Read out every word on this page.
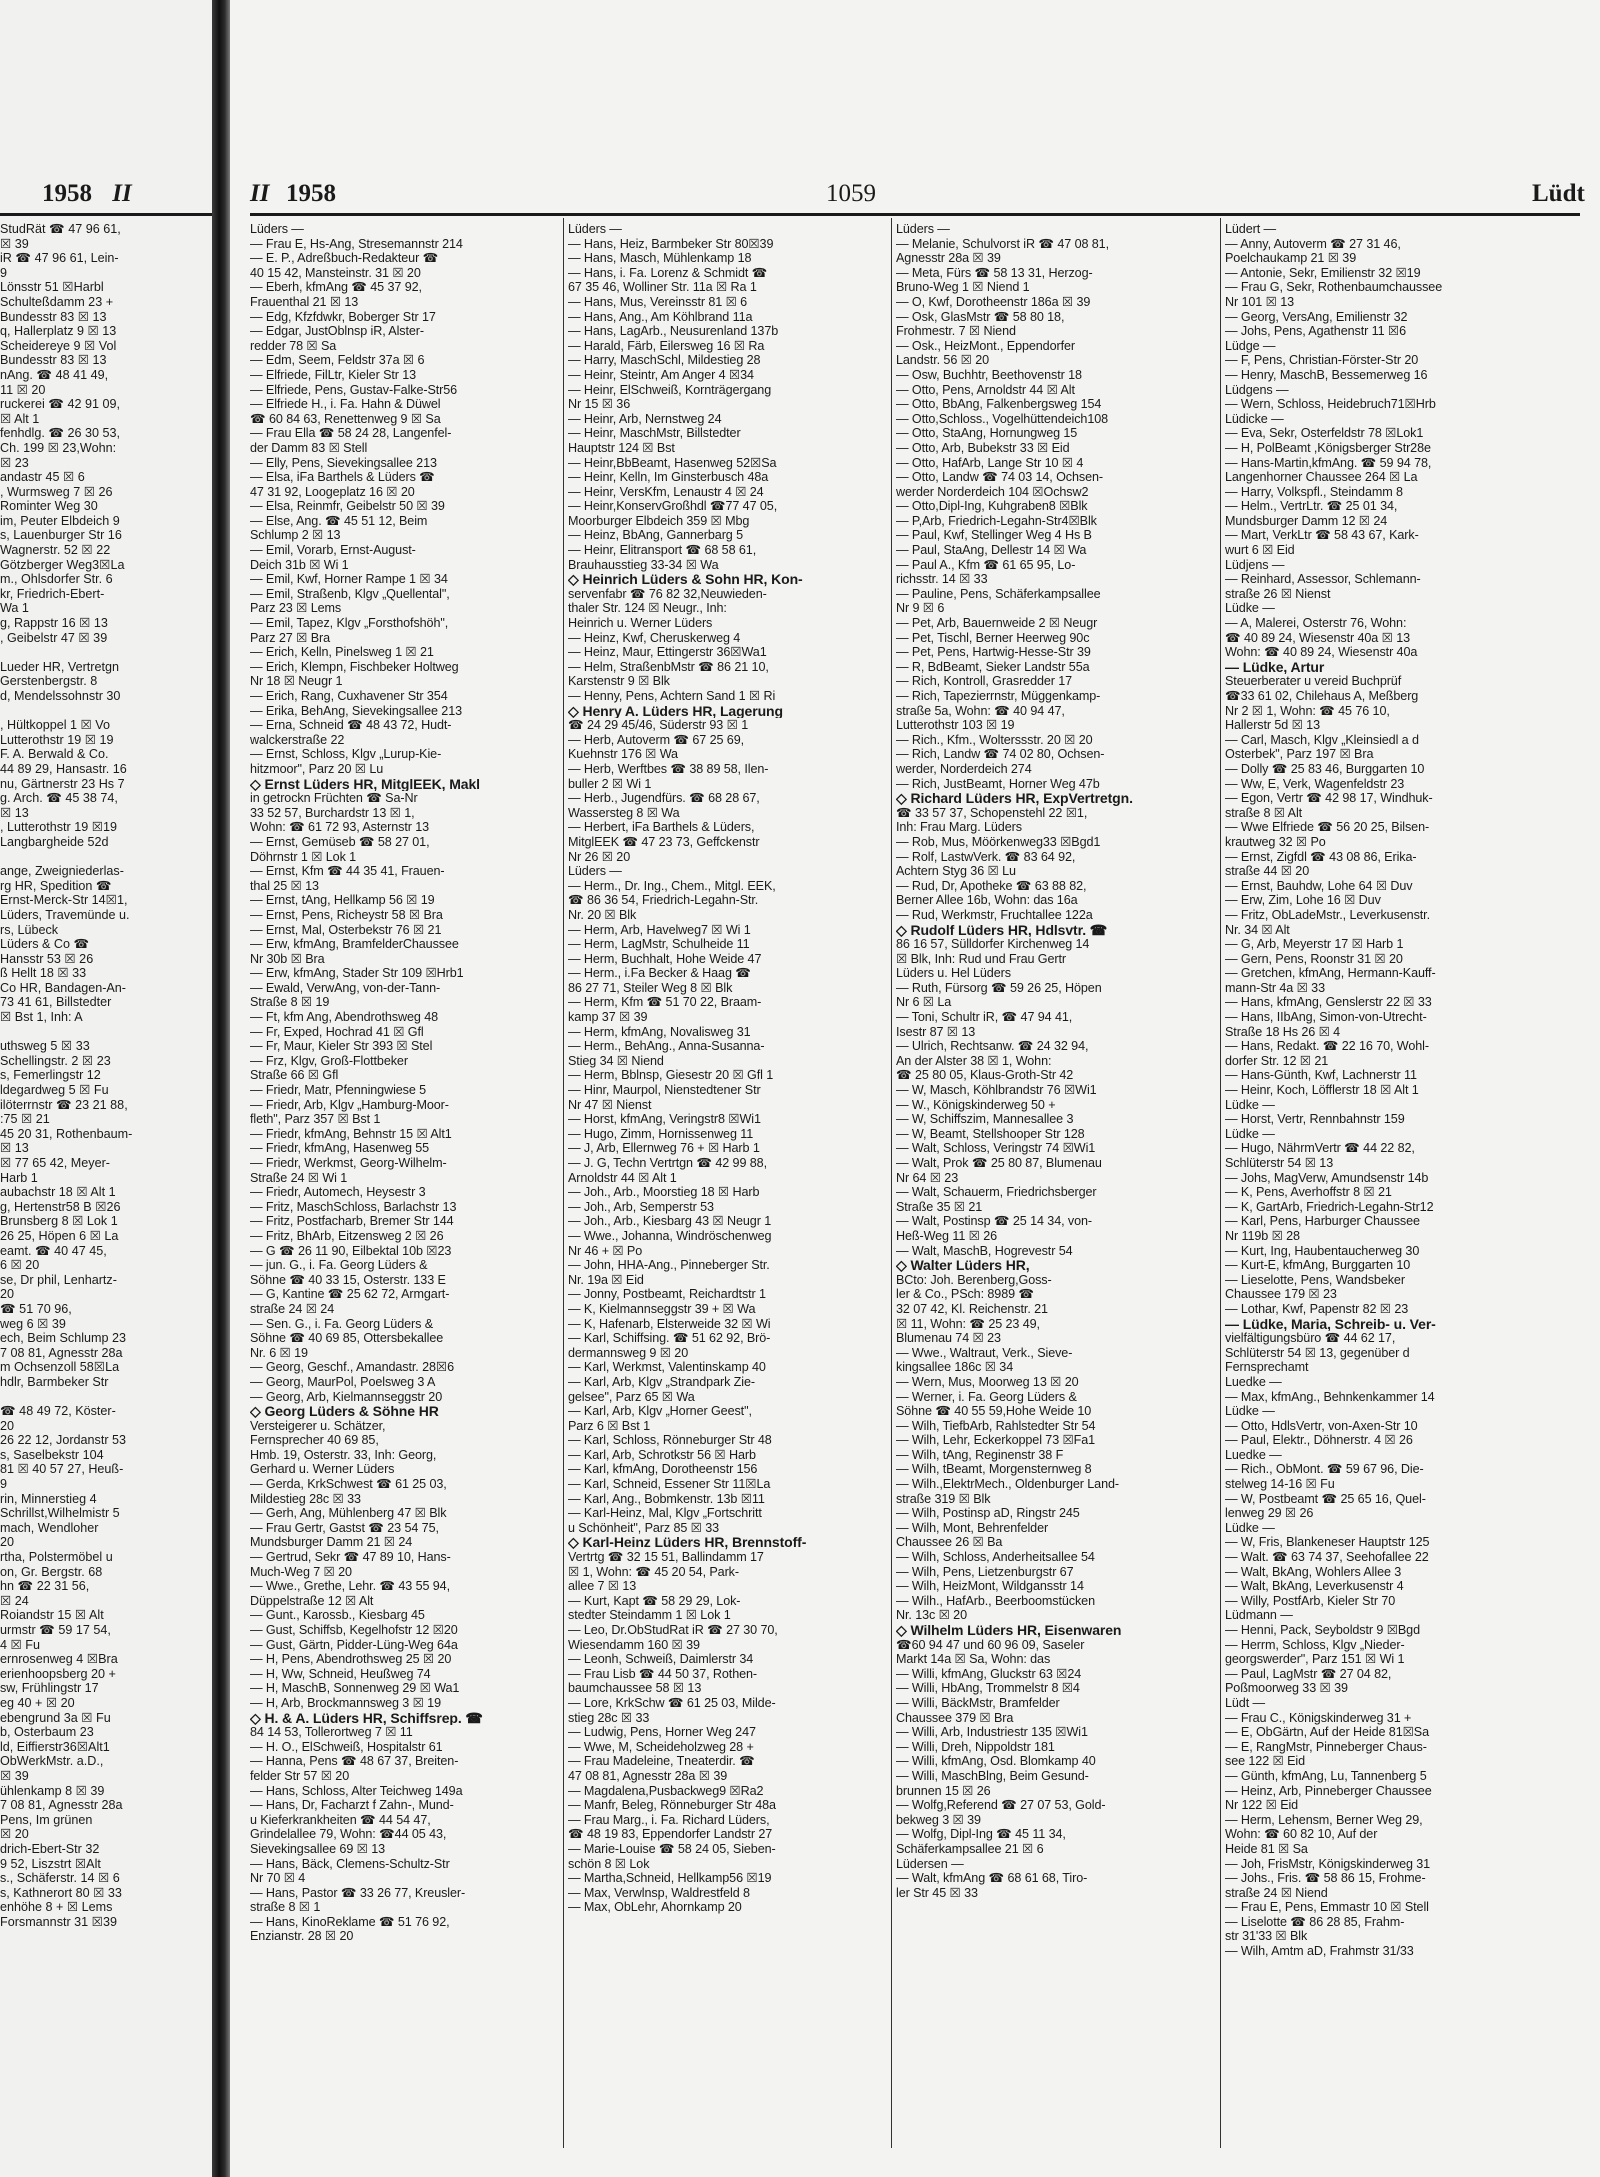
1958 II
StudRät ☎ 47 96 61,
☒ 39
iR ☎ 47 96 61, Lein-
9
Lönsstr 51 ☒Harbl
Schulteßdamm 23 +
Bundesstr 83 ☒ 13
q, Hallerplatz 9 ☒ 13
Scheidereye 9 ☒ Vol
Bundesstr 83 ☒ 13
nAng. ☎ 48 41 49,
11 ☒ 20
ruckerei ☎ 42 91 09,
☒ Alt 1
fenhdlg. ☎ 26 30 53,
Ch. 199 ☒ 23,Wohn:
☒ 23
andastr 45 ☒ 6
, Wurmsweg 7 ☒ 26
Rominter Weg 30
im, Peuter Elbdeich 9
s, Lauenburger Str 16
Wagnerstr. 52 ☒ 22
Götzberger Weg3☒La
m., Ohlsdorfer Str. 6
kr, Friedrich-Ebert-
Wa 1
g, Rappstr 16 ☒ 13
, Geibelstr 47 ☒ 39
Lueder HR, Vertretgn
Gerstenbergstr. 8
d, Mendelssohnstr 30
, Hültkoppel 1 ☒ Vo
Lutterothstr 19 ☒ 19
F. A. Berwald & Co.
44 89 29, Hansastr. 16
nu, Gärtnerstr 23 Hs 7
g. Arch. ☎ 45 38 74,
☒ 13
, Lutterothstr 19 ☒19
Langbargheide 52d
ange, Zweigniederlas-
rg HR, Spedition ☎
Ernst-Merck-Str 14☒1,
Lüders, Travemünde u.
rs, Lübeck
Lüders & Co ☎
Hansstr 53 ☒ 26
ß Hellt 18 ☒ 33
Co HR, Bandagen-An-
73 41 61, Billstedter
☒ Bst 1, Inh: A
uthsweg 5 ☒ 33
Schellingstr. 2 ☒ 23
s, Femerlingstr 12
ldegardweg 5 ☒ Fu
ilöterrnstr ☎ 23 21 88,
:75 ☒ 21
45 20 31, Rothenbaum-
☒ 13
☒ 77 65 42, Meyer-
Harb 1
aubachstr 18 ☒ Alt 1
g, Hertenstr58 B ☒26
Brunsberg 8 ☒ Lok 1
26 25, Höpen 6 ☒ La
eamt. ☎ 40 47 45,
6 ☒ 20
se, Dr phil, Lenhartz-
20
☎ 51 70 96,
weg 6 ☒ 39
ech, Beim Schlump 23
7 08 81, Agnesstr 28a
m Ochsenzoll 58☒La
hdlr, Barmbeker Str
☎ 48 49 72, Köster-
20
26 22 12, Jordanstr 53
s, Saselbekstr 104
81 ☒ 40 57 27, Heuß-
9
rin, Minnerstieg 4
Schrillst,Wilhelmistr 5
mach, Wendloher
20
rtha, Polstermöbel u
on, Gr. Bergstr. 68
hn ☎ 22 31 56,
☒ 24
Roiandstr 15 ☒ Alt
urmstr ☎ 59 17 54,
4 ☒ Fu
ernrosenweg 4 ☒Bra
erienhoopsberg 20 +
sw, Frühlingstr 17
eg 40 + ☒ 20
ebengrund 3a ☒ Fu
b, Osterbaum 23
ld, Eiffierstr36☒Alt1
ObWerkMstr. a.D.,
☒ 39
ühlenkamp 8 ☒ 39
7 08 81, Agnesstr 28a
Pens, Im grünen
☒ 20
drich-Ebert-Str 32
9 52, Liszstrt ☒Alt
s., Schäferstr. 14 ☒ 6
s, Kathnerort 80 ☒ 33
enhöhe 8 + ☒ Lems
Forsmannstr 31 ☒39
II 1958	1059	Lüdt
Lüders —
— Frau E, Hs-Ang, Stresemannstr 214
— E. P., Adreßbuch-Redakteur ☎
40 15 42, Mansteinstr. 31 ☒ 20
— Eberh, kfmAng ☎ 45 37 92,
Frauenthal 21 ☒ 13
— Edg, Kfzfdwkr, Boberger Str 17
— Edgar, JustOblnsp iR, Alster-
redder 78 ☒ Sa
— Edm, Seem, Feldstr 37a ☒ 6
— Elfriede, FilLtr, Kieler Str 13
— Elfriede, Pens, Gustav-Falke-Str56
— Elfriede H., i. Fa. Hahn & Düwel
☎ 60 84 63, Renettenweg 9 ☒ Sa
— Frau Ella ☎ 58 24 28, Langenfel-
der Damm 83 ☒ Stell
— Elly, Pens, Sievekingsallee 213
— Elsa, iFa Barthels & Lüders ☎
47 31 92, Loogeplatz 16 ☒ 20
— Elsa, Reinmfr, Geibelstr 50 ☒ 39
— Else, Ang. ☎ 45 51 12, Beim
Schlump 2 ☒ 13
— Emil, Vorarb, Ernst-August-
Deich 31b ☒ Wi 1
— Emil, Kwf, Horner Rampe 1 ☒ 34
— Emil, Straßenb, Klgv „Quellental",
Parz 23 ☒ Lems
— Emil, Tapez, Klgv „Forsthofshöh",
Parz 27 ☒ Bra
— Erich, Kelln, Pinelsweg 1 ☒ 21
— Erich, Klempn, Fischbeker Holtweg
Nr 18 ☒ Neugr 1
— Erich, Rang, Cuxhavener Str 354
— Erika, BehAng, Sievekingsallee 213
— Erna, Schneid ☎ 48 43 72, Hudt-
walckerstraße 22
— Ernst, Schloss, Klgv „Lurup-Kie-
hitzmoor", Parz 20 ☒ Lu
◇ Ernst Lüders HR, MitglEEK, Makl
in getrockn Früchten ☎ Sa-Nr
33 52 57, Burchardstr 13 ☒ 1,
Wohn: ☎ 61 72 93, Asternstr 13
— Ernst, Gemüseb ☎ 58 27 01,
Döhrnstr 1 ☒ Lok 1
— Ernst, Kfm ☎ 44 35 41, Frauen-
thal 25 ☒ 13
— Ernst, tAng, Hellkamp 56 ☒ 19
— Ernst, Pens, Richeystr 58 ☒ Bra
— Ernst, Mal, Osterbekstr 76 ☒ 21
— Erw, kfmAng, BramfelderChaussee
Nr 30b ☒ Bra
— Erw, kfmAng, Stader Str 109 ☒Hrb1
— Ewald, VerwAng, von-der-Tann-
Straße 8 ☒ 19
— Ft, kfm Ang, Abendrothsweg 48
— Fr, Exped, Hochrad 41 ☒ Gfl
— Fr, Maur, Kieler Str 393 ☒ Stel
— Frz, Klgv, Groß-Flottbeker
Straße 66 ☒ Gfl
— Friedr, Matr, Pfenningwiese 5
— Friedr, Arb, Klgv „Hamburg-Moor-
fleth", Parz 357 ☒ Bst 1
— Friedr, kfmAng, Behnstr 15 ☒ Alt1
— Friedr, kfmAng, Hasenweg 55
— Friedr, Werkmst, Georg-Wilhelm-
Straße 24 ☒ Wi 1
— Friedr, Automech, Heysestr 3
— Fritz, MaschSchloss, Barlachstr 13
— Fritz, Postfacharb, Bremer Str 144
— Fritz, BhArb, Eitzensweg 2 ☒ 26
— G ☎ 26 11 90, Eilbektal 10b ☒23
— jun. G., i. Fa. Georg Lüders &
Söhne ☎ 40 33 15, Osterstr. 133 E
— G, Kantine ☎ 25 62 72, Armgart-
straße 24 ☒ 24
— Sen. G., i. Fa. Georg Lüders &
Söhne ☎ 40 69 85, Ottersbekallee
Nr. 6 ☒ 19
— Georg, Geschf., Amandastr. 28☒6
— Georg, MaurPol, Poelsweg 3 A
— Georg, Arb, Kielmannseggstr 20
◇ Georg Lüders & Söhne HR
Versteigerer u. Schätzer,
Fernsprecher 40 69 85,
Hmb. 19, Osterstr. 33, Inh: Georg,
Gerhard u. Werner Lüders
— Gerda, KrkSchwest ☎ 61 25 03,
Mildestieg 28c ☒ 33
— Gerh, Ang, Mühlenberg 47 ☒ Blk
— Frau Gertr, Gastst ☎ 23 54 75,
Mundsburger Damm 21 ☒ 24
— Gertrud, Sekr ☎ 47 89 10, Hans-
Much-Weg 7 ☒ 20
— Wwe., Grethe, Lehr. ☎ 43 55 94,
Düppelstraße 12 ☒ Alt
— Gunt., Karossb., Kiesbarg 45
— Gust, Schiffsb, Kegelhofstr 12 ☒20
— Gust, Gärtn, Pidder-Lüng-Weg 64a
— H, Pens, Abendrothsweg 25 ☒ 20
— H, Ww, Schneid, Heußweg 74
— H, MaschB, Sonnenweg 29 ☒ Wa1
— H, Arb, Brockmannsweg 3 ☒ 19
◇ H. & A. Lüders HR, Schiffsrep. ☎
84 14 53, Tollerortweg 7 ☒ 11
— H. O., ElSchweiß, Hospitalstr 61
— Hanna, Pens ☎ 48 67 37, Breiten-
felder Str 57 ☒ 20
— Hans, Schloss, Alter Teichweg 149a
— Hans, Dr, Facharzt f Zahn-, Mund-
u Kieferkrankheiten ☎ 44 54 47,
Grindelallee 79, Wohn: ☎44 05 43,
Sievekingsallee 69 ☒ 13
— Hans, Bäck, Clemens-Schultz-Str
Nr 70 ☒ 4
— Hans, Pastor ☎ 33 26 77, Kreusler-
straße 8 ☒ 1
— Hans, KinoReklame ☎ 51 76 92,
Enzianstr. 28 ☒ 20
Lüders —
— Hans, Heiz, Barmbeker Str 80☒39
— Hans, Masch, Mühlenkamp 18
— Hans, i. Fa. Lorenz & Schmidt ☎
67 35 46, Wolliner Str. 11a ☒ Ra 1
— Hans, Mus, Vereinsstr 81 ☒ 6
— Hans, Ang., Am Köhlbrand 11a
— Hans, LagArb., Neusurenland 137b
— Harald, Färb, Eilersweg 16 ☒ Ra
— Harry, MaschSchl, Mildestieg 28
— Heinr, Steintr, Am Anger 4 ☒34
— Heinr, ElSchweiß, Kornträgergang
Nr 15 ☒ 36
— Heinr, Arb, Nernstweg 24
— Heinr, MaschMstr, Billstedter
Hauptstr 124 ☒ Bst
— Heinr,BbBeamt, Hasenweg 52☒Sa
— Heinr, Kelln, Im Ginsterbusch 48a
— Heinr, VersKfm, Lenaustr 4 ☒ 24
— Heinr,KonservGroßhdl ☎77 47 05,
Moorburger Elbdeich 359 ☒ Mbg
— Heinz, BbAng, Gannerbarg 5
— Heinr, Elitransport ☎ 68 58 61,
Brauhausstieg 33-34 ☒ Wa
◇ Heinrich Lüders & Sohn HR, Kon-
servenfabr ☎ 76 82 32,Neuwieden-
thaler Str. 124 ☒ Neugr., Inh:
Heinrich u. Werner Lüders
— Heinz, Kwf, Cheruskerweg 4
— Heinz, Maur, Ettingerstr 36☒Wa1
— Helm, StraßenbMstr ☎ 86 21 10,
Karstenstr 9 ☒ Blk
— Henny, Pens, Achtern Sand 1 ☒ Ri
◇ Henry A. Lüders HR, Lagerung
☎ 24 29 45/46, Süderstr 93 ☒ 1
— Herb, Autoverm ☎ 67 25 69,
Kuehnstr 176 ☒ Wa
— Herb, Werftbes ☎ 38 89 58, Ilen-
buller 2 ☒ Wi 1
— Herb., Jugendfürs. ☎ 68 28 67,
Wassersteg 8 ☒ Wa
— Herbert, iFa Barthels & Lüders,
MitglEEK ☎ 47 23 73, Geffckenstr
Nr 26 ☒ 20
Lüders —
— Herm., Dr. Ing., Chem., Mitgl. EEK,
☎ 86 36 54, Friedrich-Legahn-Str.
Nr. 20 ☒ Blk
— Herm, Arb, Havelweg7 ☒ Wi 1
— Herm, LagMstr, Schulheide 11
— Herm, Buchhalt, Hohe Weide 47
— Herm., i.Fa Becker & Haag ☎
86 27 71, Steiler Weg 8 ☒ Blk
— Herm, Kfm ☎ 51 70 22, Braam-
kamp 37 ☒ 39
— Herm, kfmAng, Novalisweg 31
— Herm., BehAng., Anna-Susanna-
Stieg 34 ☒ Niend
— Herm, Bblnsp, Giesestr 20 ☒ Gfl 1
— Hinr, Maurpol, Nienstedtener Str
Nr 47 ☒ Nienst
— Horst, kfmAng, Veringstr8 ☒Wi1
— Hugo, Zimm, Hornissenweg 11
— J, Arb, Ellernweg 76 + ☒ Harb 1
— J. G, Techn Vertrtgn ☎ 42 99 88,
Arnoldstr 44 ☒ Alt 1
— Joh., Arb., Moorstieg 18 ☒ Harb
— Joh., Arb, Semperstr 53
— Joh., Arb., Kiesbarg 43 ☒ Neugr 1
— Wwe., Johanna, Windröschenweg
Nr 46 + ☒ Po
— John, HHA-Ang., Pinneberger Str.
Nr. 19a ☒ Eid
— Jonny, Postbeamt, Reichardtstr 1
— K, Kielmannseggstr 39 + ☒ Wa
— K, Hafenarb, Elsterweide 32 ☒ Wi
— Karl, Schiffsing. ☎ 51 62 92, Brö-
dermannsweg 9 ☒ 20
— Karl, Werkmst, Valentinskamp 40
— Karl, Arb, Klgv „Strandpark Zie-
gelsee", Parz 65 ☒ Wa
— Karl, Arb, Klgv „Horner Geest",
Parz 6 ☒ Bst 1
— Karl, Schloss, Rönneburger Str 48
— Karl, Arb, Schrotkstr 56 ☒ Harb
— Karl, kfmAng, Dorotheenstr 156
— Karl, Schneid, Essener Str 11☒La
— Karl, Ang., Bobmkenstr. 13b ☒11
— Karl-Heinz, Mal, Klgv „Fortschritt
u Schönheit", Parz 85 ☒ 33
◇ Karl-Heinz Lüders HR, Brennstoff-
Vertrtg ☎ 32 15 51, Ballindamm 17
☒ 1, Wohn: ☎ 45 20 54, Park-
allee 7 ☒ 13
— Kurt, Kapt ☎ 58 29 29, Lok-
stedter Steindamm 1 ☒ Lok 1
— Leo, Dr.ObStudRat iR ☎ 27 30 70,
Wiesendamm 160 ☒ 39
— Leonh, Schweiß, Daimlerstr 34
— Frau Lisb ☎ 44 50 37, Rothen-
baumchaussee 58 ☒ 13
— Lore, KrkSchw ☎ 61 25 03, Milde-
stieg 28c ☒ 33
— Ludwig, Pens, Horner Weg 247
— Wwe, M, Scheideholzweg 28 +
— Frau Madeleine, Tneaterdir. ☎
47 08 81, Agnesstr 28a ☒ 39
— Magdalena,Pusbackweg9 ☒Ra2
— Manfr, Beleg, Rönneburger Str 48a
— Frau Marg., i. Fa. Richard Lüders,
☎ 48 19 83, Eppendorfer Landstr 27
— Marie-Louise ☎ 58 24 05, Sieben-
schön 8 ☒ Lok
— Martha,Schneid, Hellkamp56 ☒19
— Max, Verwlnsp, Waldrestfeld 8
— Max, ObLehr, Ahornkamp 20
Lüders —
— Melanie, Schulvorst iR ☎ 47 08 81,
Agnesstr 28a ☒ 39
— Meta, Fürs ☎ 58 13 31, Herzog-
Bruno-Weg 1 ☒ Niend 1
— O, Kwf, Dorotheenstr 186a ☒ 39
— Osk, GlasMstr ☎ 58 80 18,
Frohmestr. 7 ☒ Niend
— Osk., HeizMont., Eppendorfer
Landstr. 56 ☒ 20
— Osw, Buchhtr, Beethovenstr 18
— Otto, Pens, Arnoldstr 44 ☒ Alt
— Otto, BbAng, Falkenbergsweg 154
— Otto,Schloss., Vogelhüttendeich108
— Otto, StaAng, Hornungweg 15
— Otto, Arb, Bubekstr 33 ☒ Eid
— Otto, HafArb, Lange Str 10 ☒ 4
— Otto, Landw ☎ 74 03 14, Ochsen-
werder Norderdeich 104 ☒Ochsw2
— Otto,Dipl-Ing, Kuhgraben8 ☒Blk
— P,Arb, Friedrich-Legahn-Str4☒Blk
— Paul, Kwf, Stellinger Weg 4 Hs B
— Paul, StaAng, Dellestr 14 ☒ Wa
— Paul A., Kfm ☎ 61 65 95, Lo-
richsstr. 14 ☒ 33
— Pauline, Pens, Schäferkampsallee
Nr 9 ☒ 6
— Pet, Arb, Bauernweide 2 ☒ Neugr
— Pet, Tischl, Berner Heerweg 90c
— Pet, Pens, Hartwig-Hesse-Str 39
— R, BdBeamt, Sieker Landstr 55a
— Rich, Kontroll, Grasredder 17
— Rich, Tapezierrnstr, Müggenkamp-
straße 5a, Wohn: ☎ 40 94 47,
Lutterothstr 103 ☒ 19
— Rich., Kfm., Wolterssstr. 20 ☒ 20
— Rich, Landw ☎ 74 02 80, Ochsen-
werder, Norderdeich 274
— Rich, JustBeamt, Horner Weg 47b
◇ Richard Lüders HR, ExpVertretgn.
☎ 33 57 37, Schopenstehl 22 ☒1,
Inh: Frau Marg. Lüders
— Rob, Mus, Möörkenweg33 ☒Bgd1
— Rolf, LastwVerk. ☎ 83 64 92,
Achtern Styg 36 ☒ Lu
— Rud, Dr, Apotheke ☎ 63 88 82,
Berner Allee 16b, Wohn: das 16a
— Rud, Werkmstr, Fruchtallee 122a
◇ Rudolf Lüders HR, Hdlsvtr. ☎
86 16 57, Sülldorfer Kirchenweg 14
☒ Blk, Inh: Rud und Frau Gertr
Lüders u. Hel Lüders
— Ruth, Fürsorg ☎ 59 26 25, Höpen
Nr 6 ☒ La
— Toni, Schultr iR, ☎ 47 94 41,
Isestr 87 ☒ 13
— Ulrich, Rechtsanw. ☎ 24 32 94,
An der Alster 38 ☒ 1, Wohn:
☎ 25 80 05, Klaus-Groth-Str 42
— W, Masch, Köhlbrandstr 76 ☒Wi1
— W., Königskinderweg 50 +
— W, Schiffszim, Mannesallee 3
— W, Beamt, Stellshooper Str 128
— Walt, Schloss, Veringstr 74 ☒Wi1
— Walt, Prok ☎ 25 80 87, Blumenau
Nr 64 ☒ 23
— Walt, Schauerm, Friedrichsberger
Straße 35 ☒ 21
— Walt, Postinsp ☎ 25 14 34, von-
Heß-Weg 11 ☒ 26
— Walt, MaschB, Hogrevestr 54
◇ Walter Lüders HR,
BCto: Joh. Berenberg,Goss-
ler & Co., PSch: 8989 ☎
32 07 42, Kl. Reichenstr. 21
☒ 11, Wohn: ☎ 25 23 49,
Blumenau 74 ☒ 23
— Wwe., Waltraut, Verk., Sieve-
kingsallee 186c ☒ 34
— Wern, Mus, Moorweg 13 ☒ 20
— Werner, i. Fa. Georg Lüders &
Söhne ☎ 40 55 59,Hohe Weide 10
— Wilh, TiefbArb, Rahlstedter Str 54
— Wilh, Lehr, Eckerkoppel 73 ☒Fa1
— Wilh, tAng, Reginenstr 38 F
— Wilh, tBeamt, Morgensternweg 8
— Wilh.,ElektrMech., Oldenburger Land-
straße 319 ☒ Blk
— Wilh, Postinsp aD, Ringstr 245
— Wilh, Mont, Behrenfelder
Chaussee 26 ☒ Ba
— Wilh, Schloss, Anderheitsallee 54
— Wilh, Pens, Lietzenburgstr 67
— Wilh, HeizMont, Wildgansstr 14
— Wilh., HafArb., Beerboomstücken
Nr. 13c ☒ 20
◇ Wilhelm Lüders HR, Eisenwaren
☎60 94 47 und 60 96 09, Saseler
Markt 14a ☒ Sa, Wohn: das
— Willi, kfmAng, Gluckstr 63 ☒24
— Willi, HbAng, Trommelstr 8 ☒4
— Willi, BäckMstr, Bramfelder
Chaussee 379 ☒ Bra
— Willi, Arb, Industriestr 135 ☒Wi1
— Willi, Dreh, Nippoldstr 181
— Willi, kfmAng, Osd. Blomkamp 40
— Willi, MaschBlng, Beim Gesund-
brunnen 15 ☒ 26
— Wolfg,Referend ☎ 27 07 53, Gold-
bekweg 3 ☒ 39
— Wolfg, Dipl-Ing ☎ 45 11 34,
Schäferkampsallee 21 ☒ 6
Lüdersen —
— Walt, kfmAng ☎ 68 61 68, Tiro-
ler Str 45 ☒ 33
Lüdert —
— Anny, Autoverm ☎ 27 31 46,
Poelchaukamp 21 ☒ 39
— Antonie, Sekr, Emilienstr 32 ☒19
— Frau G, Sekr, Rothenbaumchaussee
Nr 101 ☒ 13
— Georg, VersAng, Emilienstr 32
— Johs, Pens, Agathenstr 11 ☒6
Lüdge —
— F, Pens, Christian-Förster-Str 20
— Henry, MaschB, Bessemerweg 16
Lüdgens —
— Wern, Schloss, Heidebruch71☒Hrb
Lüdicke —
— Eva, Sekr, Osterfeldstr 78 ☒Lok1
— H, PolBeamt ,Königsberger Str28e
— Hans-Martin,kfmAng. ☎ 59 94 78,
Langenhorner Chaussee 264 ☒ La
— Harry, Volkspfl., Steindamm 8
— Helm., VertrLtr. ☎ 25 01 34,
Mundsburger Damm 12 ☒ 24
— Mart, VerkLtr ☎ 58 43 67, Kark-
wurt 6 ☒ Eid
Lüdjens —
— Reinhard, Assessor, Schlemann-
straße 26 ☒ Nienst
Lüdke —
— A, Malerei, Osterstr 76, Wohn:
☎ 40 89 24, Wiesenstr 40a ☒ 13
Wohn: ☎ 40 89 24, Wiesenstr 40a
— Lüdke, Artur
Steuerberater u vereid Buchprüf
☎33 61 02, Chilehaus A, Meßberg
Nr 2 ☒ 1, Wohn: ☎ 45 76 10,
Hallerstr 5d ☒ 13
— Carl, Masch, Klgv „Kleinsiedl a d
Osterbek", Parz 197 ☒ Bra
— Dolly ☎ 25 83 46, Burggarten 10
— Ww, E, Verk, Wagenfeldstr 23
— Egon, Vertr ☎ 42 98 17, Windhuk-
straße 8 ☒ Alt
— Wwe Elfriede ☎ 56 20 25, Bilsen-
krautweg 32 ☒ Po
— Ernst, Zigfdl ☎ 43 08 86, Erika-
straße 44 ☒ 20
— Ernst, Bauhdw, Lohe 64 ☒ Duv
— Erw, Zim, Lohe 16 ☒ Duv
— Fritz, ObLadeMstr., Leverkusenstr.
Nr. 34 ☒ Alt
— G, Arb, Meyerstr 17 ☒ Harb 1
— Gern, Pens, Roonstr 31 ☒ 20
— Gretchen, kfmAng, Hermann-Kauff-
mann-Str 4a ☒ 33
— Hans, kfmAng, Genslerstr 22 ☒ 33
— Hans, IIbAng, Simon-von-Utrecht-
Straße 18 Hs 26 ☒ 4
— Hans, Redakt. ☎ 22 16 70, Wohl-
dorfer Str. 12 ☒ 21
— Hans-Günth, Kwf, Lachnerstr 11
— Heinr, Koch, Löfflerstr 18 ☒ Alt 1
Lüdke —
— Horst, Vertr, Rennbahnstr 159
Lüdke —
— Hugo, NährmVertr ☎ 44 22 82,
Schlüterstr 54 ☒ 13
— Johs, MagVerw, Amundsenstr 14b
— K, Pens, Averhoffstr 8 ☒ 21
— K, GartArb, Friedrich-Legahn-Str12
— Karl, Pens, Harburger Chaussee
Nr 119b ☒ 28
— Kurt, Ing, Haubentaucherweg 30
— Kurt-E, kfmAng, Burggarten 10
— Lieselotte, Pens, Wandsbeker
Chaussee 179 ☒ 23
— Lothar, Kwf, Papenstr 82 ☒ 23
— Lüdke, Maria, Schreib- u. Ver-
vielfältigungsbüro ☎ 44 62 17,
Schlüterstr 54 ☒ 13, gegenüber d
Fernsprechamt
Luedke —
— Max, kfmAng., Behnkenkammer 14
Lüdke —
— Otto, HdlsVertr, von-Axen-Str 10
— Paul, Elektr., Döhnerstr. 4 ☒ 26
Luedke —
— Rich., ObMont. ☎ 59 67 96, Die-
stelweg 14-16 ☒ Fu
— W, Postbeamt ☎ 25 65 16, Quel-
lenweg 29 ☒ 26
Lüdke —
— W, Fris, Blankeneser Hauptstr 125
— Walt. ☎ 63 74 37, Seehofallee 22
— Walt, BkAng, Wohlers Allee 3
— Walt, BkAng, Leverkusenstr 4
— Willy, PostfArb, Kieler Str 70
Lüdmann —
— Henni, Pack, Seyboldstr 9 ☒Bgd
— Herrm, Schloss, Klgv „Nieder-
georgswerder", Parz 151 ☒ Wi 1
— Paul, LagMstr ☎ 27 04 82,
Poßmoorweg 33 ☒ 39
Lüdt —
— Frau C., Königskinderweg 31 +
— E, ObGärtn, Auf der Heide 81☒Sa
— E, RangMstr, Pinneberger Chaus-
see 122 ☒ Eid
— Günth, kfmAng, Lu, Tannenberg 5
— Heinz, Arb, Pinneberger Chaussee
Nr 122 ☒ Eid
— Herm, Lehensm, Berner Weg 29,
Wohn: ☎ 60 82 10, Auf der
Heide 81 ☒ Sa
— Joh, FrisMstr, Königskinderweg 31
— Johs., Fris. ☎ 58 86 15, Frohme-
straße 24 ☒ Niend
— Frau E, Pens, Emmastr 10 ☒ Stell
— Liselotte ☎ 86 28 85, Frahm-
str 31'33 ☒ Blk
— Wilh, Amtm aD, Frahmstr 31/33
